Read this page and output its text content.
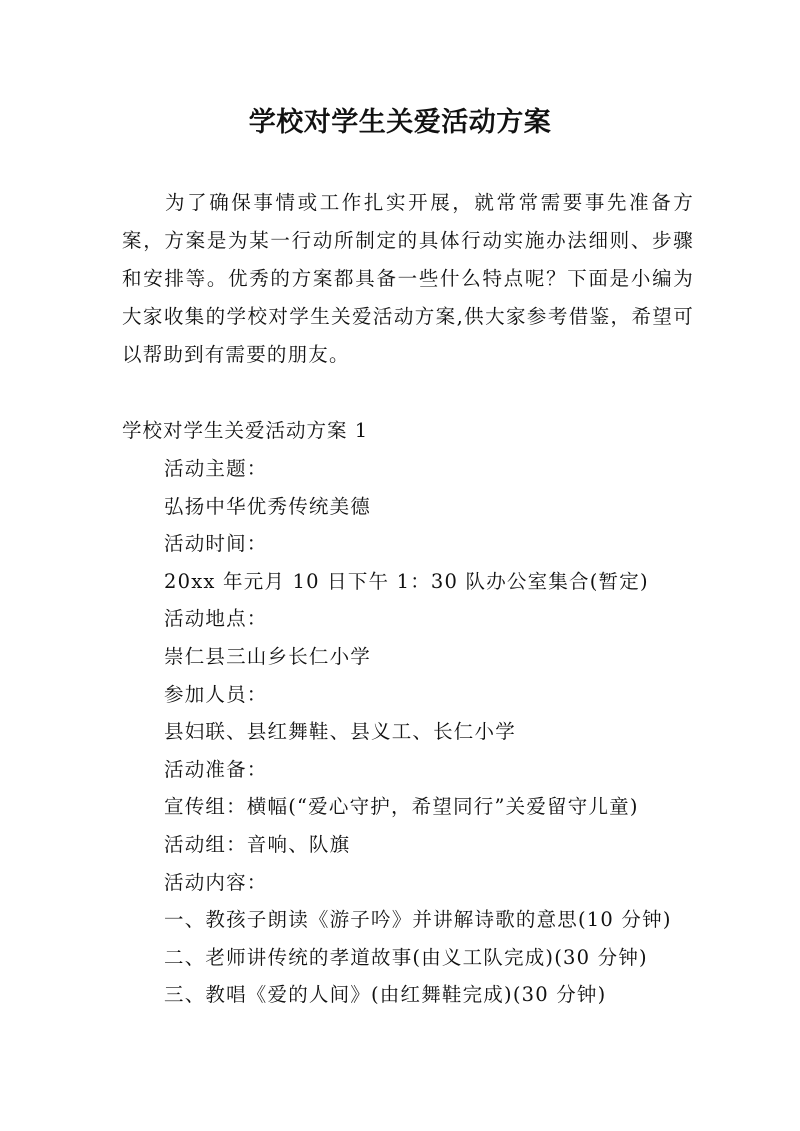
学校对学生关爱活动方案

为了确保事情或工作扎实开展，就常常需要事先准备方案，方案是为某一行动所制定的具体行动实施办法细则、步骤和安排等。优秀的方案都具备一些什么特点呢？下面是小编为大家收集的学校对学生关爱活动方案,供大家参考借鉴，希望可以帮助到有需要的朋友。

学校对学生关爱活动方案 1

活动主题：
弘扬中华优秀传统美德
活动时间：
20xx 年元月 10 日下午 1：30 队办公室集合(暂定)
活动地点：
崇仁县三山乡长仁小学
参加人员：
县妇联、县红舞鞋、县义工、长仁小学
活动准备：
宣传组：横幅(“爱心守护，希望同行”关爱留守儿童)
活动组：音响、队旗
活动内容：
一、教孩子朗读《游子吟》并讲解诗歌的意思(10 分钟)
二、老师讲传统的孝道故事(由义工队完成)(30 分钟)
三、教唱《爱的人间》(由红舞鞋完成)(30 分钟)
